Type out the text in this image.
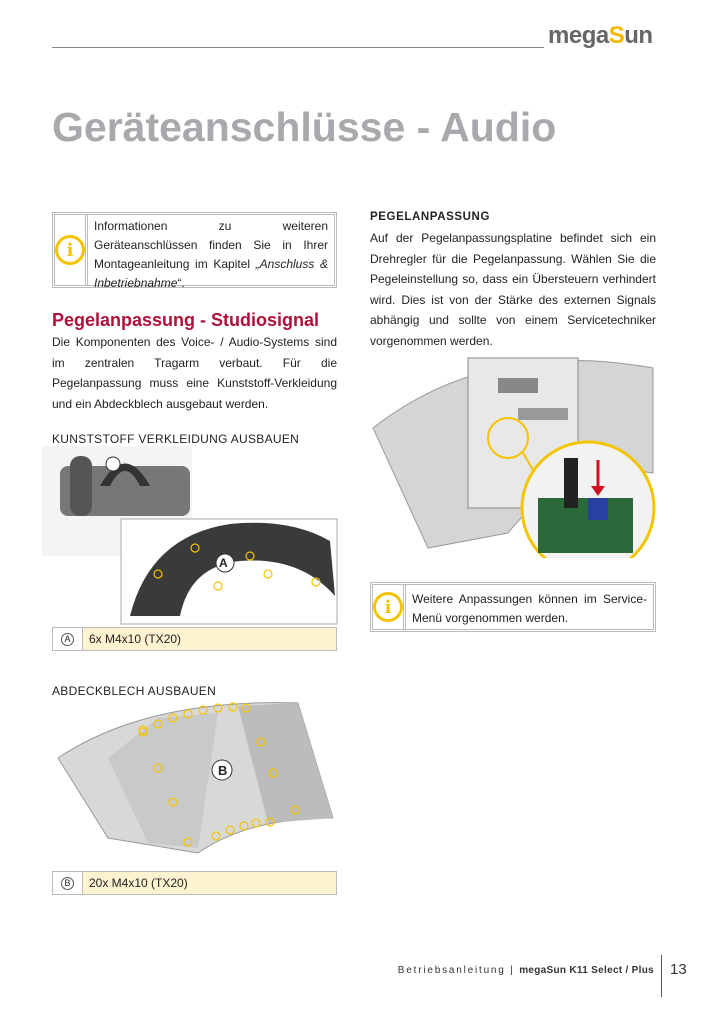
megaSun
Geräteanschlüsse - Audio
i
Informationen zu weiteren Geräteanschlüssen finden Sie in Ihrer Montageanleitung im Kapitel „Anschluss & Inbetriebnahme“.
Pegelanpassung - Studiosignal
Die Komponenten des Voice- / Audio-Systems sind im zentralen Tragarm verbaut. Für die Pegelanpassung muss eine Kunststoff-Verkleidung und ein Abdeckblech ausgebaut werden.
KUNSTSTOFF VERKLEIDUNG AUSBAUEN
A
A	6x M4x10 (TX20)
ABDECKBLECH AUSBAUEN
B
B	20x M4x10 (TX20)
PEGELANPASSUNG
Auf der Pegelanpassungsplatine befindet sich ein Drehregler für die Pegelanpassung. Wählen Sie die Pegeleinstellung so, dass ein Übersteuern verhindert wird. Dies ist von der Stärke des externen Signals abhängig und sollte von einem Servicetechniker vorgenommen werden.
i	Weitere Anpassungen können im Service-Menü vorgenommen werden.
Betriebsanleitung | megaSun K11 Select / Plus 13
